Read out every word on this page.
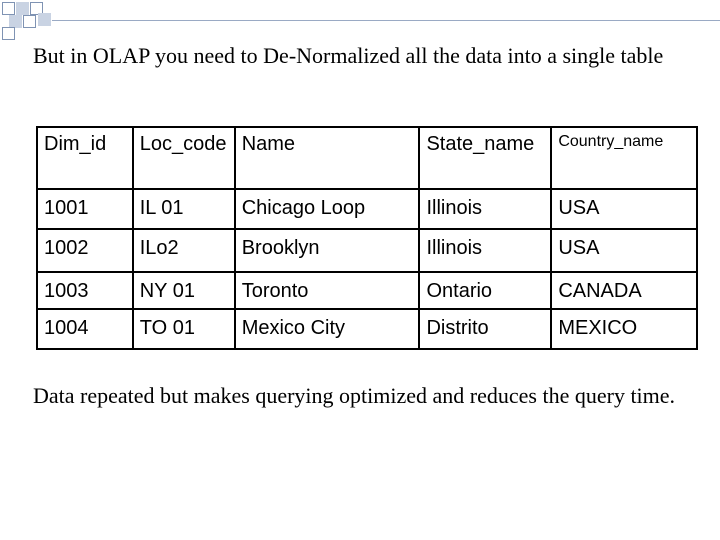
But in OLAP you need to De-Normalized all the data into a single table
Dim_id	Loc_code	Name	State_name	Country_name
1001	IL 01	Chicago Loop	Illinois	USA
1002	ILo2	Brooklyn	Illinois	USA
1003	NY 01	Toronto	Ontario	CANADA
1004	TO 01	Mexico City	Distrito	MEXICO
Data repeated but makes querying optimized and reduces the query time.
